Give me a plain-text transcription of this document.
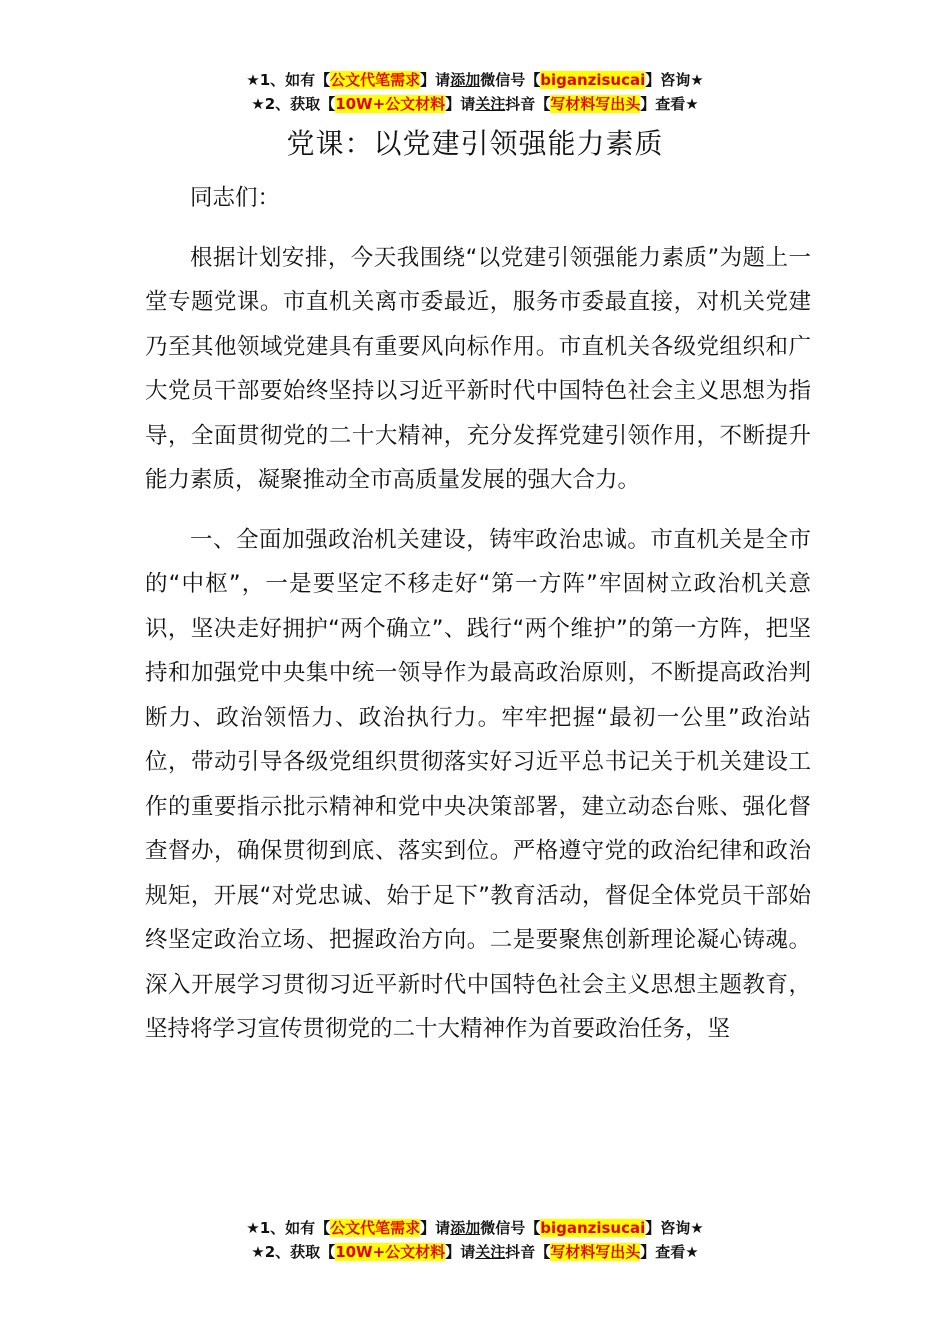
★1、如有【公文代笔需求】请添加微信号【biganzisucai】咨询★
★2、获取【10W+公文材料】请关注抖音【写材料写出头】查看★
党课：以党建引领强能力素质

同志们：

根据计划安排，今天我围绕“以党建引领强能力素质”为题上一堂专题党课。市直机关离市委最近，服务市委最直接，对机关党建乃至其他领域党建具有重要风向标作用。市直机关各级党组织和广大党员干部要始终坚持以习近平新时代中国特色社会主义思想为指导，全面贯彻党的二十大精神，充分发挥党建引领作用，不断提升能力素质，凝聚推动全市高质量发展的强大合力。

一、全面加强政治机关建设，铸牢政治忠诚。市直机关是全市的“中枢”，一是要坚定不移走好“第一方阵”牢固树立政治机关意识，坚决走好拥护“两个确立”、践行“两个维护”的第一方阵，把坚持和加强党中央集中统一领导作为最高政治原则，不断提高政治判断力、政治领悟力、政治执行力。牢牢把握“最初一公里”政治站位，带动引导各级党组织贯彻落实好习近平总书记关于机关建设工作的重要指示批示精神和党中央决策部署，建立动态台账、强化督查督办，确保贯彻到底、落实到位。严格遵守党的政治纪律和政治规矩，开展“对党忠诚、始于足下”教育活动，督促全体党员干部始终坚定政治立场、把握政治方向。二是要聚焦创新理论凝心铸魂。深入开展学习贯彻习近平新时代中国特色社会主义思想主题教育，坚持将学习宣传贯彻党的二十大精神作为首要政治任务，坚

★1、如有【公文代笔需求】请添加微信号【biganzisucai】咨询★
★2、获取【10W+公文材料】请关注抖音【写材料写出头】查看★
